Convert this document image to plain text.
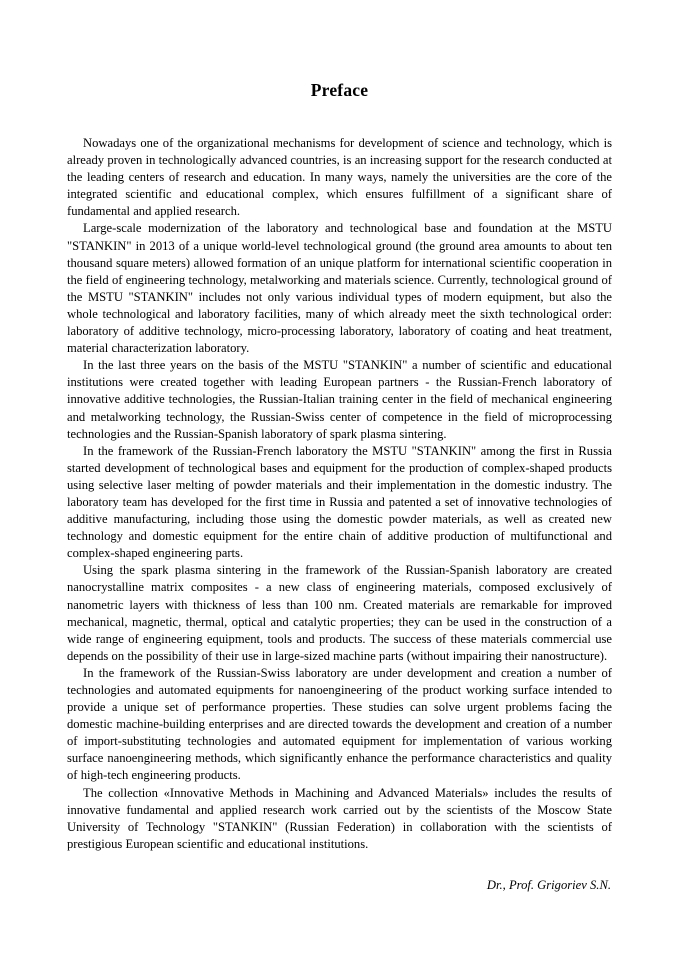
Preface

Nowadays one of the organizational mechanisms for development of science and technology, which is already proven in technologically advanced countries, is an increasing support for the research conducted at the leading centers of research and education. In many ways, namely the universities are the core of the integrated scientific and educational complex, which ensures fulfillment of a significant share of fundamental and applied research.

Large-scale modernization of the laboratory and technological base and foundation at the MSTU "STANKIN" in 2013 of a unique world-level technological ground (the ground area amounts to about ten thousand square meters) allowed formation of an unique platform for international scientific cooperation in the field of engineering technology, metalworking and materials science. Currently, technological ground of the MSTU "STANKIN" includes not only various individual types of modern equipment, but also the whole technological and laboratory facilities, many of which already meet the sixth technological order: laboratory of additive technology, micro-processing laboratory, laboratory of coating and heat treatment, material characterization laboratory.

In the last three years on the basis of the MSTU "STANKIN" a number of scientific and educational institutions were created together with leading European partners - the Russian-French laboratory of innovative additive technologies, the Russian-Italian training center in the field of mechanical engineering and metalworking technology, the Russian-Swiss center of competence in the field of microprocessing technologies and the Russian-Spanish laboratory of spark plasma sintering.

In the framework of the Russian-French laboratory the MSTU "STANKIN" among the first in Russia started development of technological bases and equipment for the production of complex-shaped products using selective laser melting of powder materials and their implementation in the domestic industry. The laboratory team has developed for the first time in Russia and patented a set of innovative technologies of additive manufacturing, including those using the domestic powder materials, as well as created new technology and domestic equipment for the entire chain of additive production of multifunctional and complex-shaped engineering parts.

Using the spark plasma sintering in the framework of the Russian-Spanish laboratory are created nanocrystalline matrix composites - a new class of engineering materials, composed exclusively of nanometric layers with thickness of less than 100 nm. Created materials are remarkable for improved mechanical, magnetic, thermal, optical and catalytic properties; they can be used in the construction of a wide range of engineering equipment, tools and products. The success of these materials commercial use depends on the possibility of their use in large-sized machine parts (without impairing their nanostructure).

In the framework of the Russian-Swiss laboratory are under development and creation a number of technologies and automated equipments for nanoengineering of the product working surface intended to provide a unique set of performance properties. These studies can solve urgent problems facing the domestic machine-building enterprises and are directed towards the development and creation of a number of import-substituting technologies and automated equipment for implementation of various working surface nanoengineering methods, which significantly enhance the performance characteristics and quality of high-tech engineering products.

The collection «Innovative Methods in Machining and Advanced Materials» includes the results of innovative fundamental and applied research work carried out by the scientists of the Moscow State University of Technology "STANKIN" (Russian Federation) in collaboration with the scientists of prestigious European scientific and educational institutions.

Dr., Prof. Grigoriev S.N.
